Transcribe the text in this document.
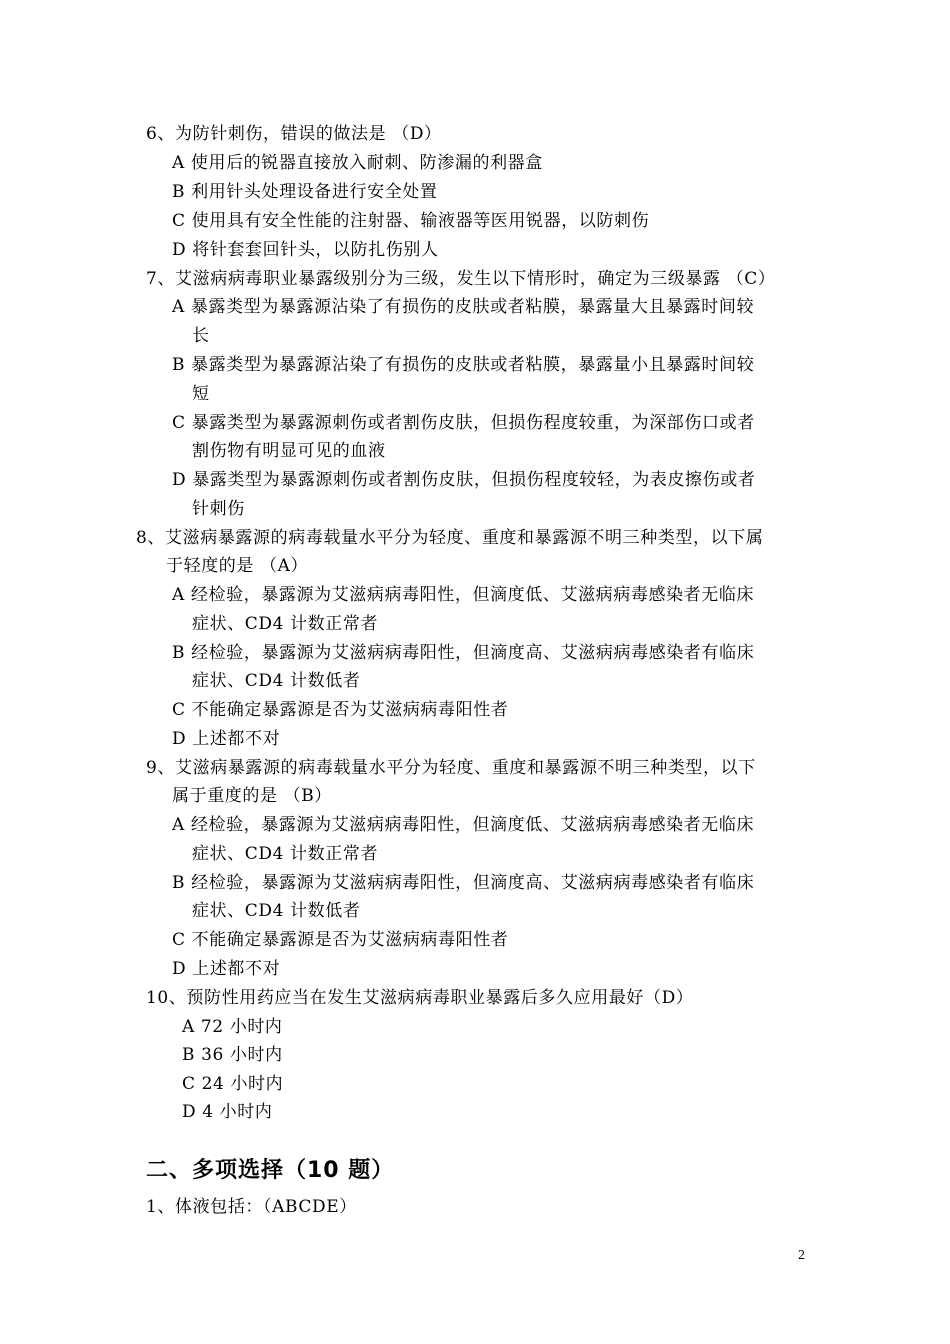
6、为防针刺伤，错误的做法是 （D）
A 使用后的锐器直接放入耐刺、防渗漏的利器盒
B 利用针头处理设备进行安全处置
C 使用具有安全性能的注射器、输液器等医用锐器，以防刺伤
D 将针套套回针头，以防扎伤别人
7、艾滋病病毒职业暴露级别分为三级，发生以下情形时，确定为三级暴露 （C）
A 暴露类型为暴露源沾染了有损伤的皮肤或者粘膜，暴露量大且暴露时间较
长
B 暴露类型为暴露源沾染了有损伤的皮肤或者粘膜，暴露量小且暴露时间较
短
C 暴露类型为暴露源刺伤或者割伤皮肤，但损伤程度较重，为深部伤口或者
割伤物有明显可见的血液
D 暴露类型为暴露源刺伤或者割伤皮肤，但损伤程度较轻，为表皮擦伤或者
针刺伤
8、艾滋病暴露源的病毒载量水平分为轻度、重度和暴露源不明三种类型，以下属
于轻度的是 （A）
A 经检验，暴露源为艾滋病病毒阳性，但滴度低、艾滋病病毒感染者无临床
症状、CD4 计数正常者
B 经检验，暴露源为艾滋病病毒阳性，但滴度高、艾滋病病毒感染者有临床
症状、CD4 计数低者
C 不能确定暴露源是否为艾滋病病毒阳性者
D 上述都不对
9、艾滋病暴露源的病毒载量水平分为轻度、重度和暴露源不明三种类型，以下
属于重度的是 （B）
A 经检验，暴露源为艾滋病病毒阳性，但滴度低、艾滋病病毒感染者无临床
症状、CD4 计数正常者
B 经检验，暴露源为艾滋病病毒阳性，但滴度高、艾滋病病毒感染者有临床
症状、CD4 计数低者
C 不能确定暴露源是否为艾滋病病毒阳性者
D 上述都不对
10、预防性用药应当在发生艾滋病病毒职业暴露后多久应用最好（D）
A 72 小时内
B 36 小时内
C 24 小时内
D 4 小时内
二、多项选择（10 题）
1、体液包括：（ABCDE）
2
